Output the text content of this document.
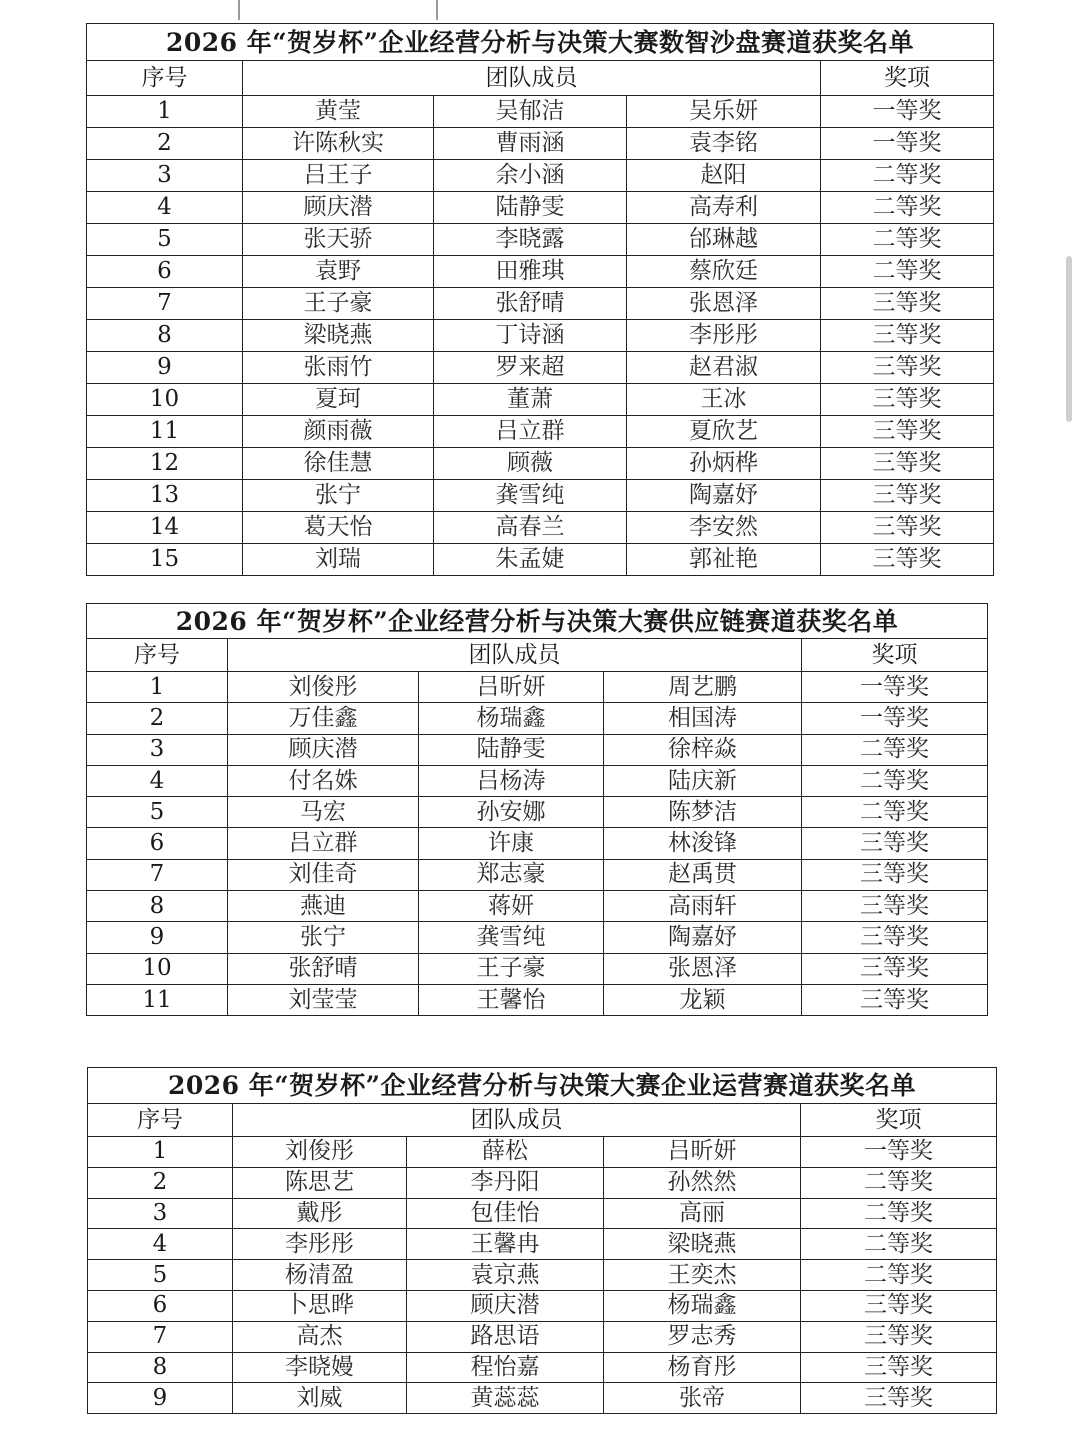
2026 年“贺岁杯”企业经营分析与决策大赛数智沙盘赛道获奖名单				
序号	团队成员			奖项
1	黄莹	吴郁洁	吴乐妍	一等奖
2	许陈秋实	曹雨涵	袁李铭	一等奖
3	吕王子	余小涵	赵阳	二等奖
4	顾庆潜	陆静雯	高寿利	二等奖
5	张天骄	李晓露	邰琳越	二等奖
6	袁野	田雅琪	蔡欣廷	二等奖
7	王子豪	张舒晴	张恩泽	三等奖
8	梁晓燕	丁诗涵	李彤彤	三等奖
9	张雨竹	罗来超	赵君淑	三等奖
10	夏珂	董萧	王冰	三等奖
11	颜雨薇	吕立群	夏欣艺	三等奖
12	徐佳慧	顾薇	孙炳桦	三等奖
13	张宁	龚雪纯	陶嘉妤	三等奖
14	葛天怡	高春兰	李安然	三等奖
15	刘瑞	朱孟婕	郭祉艳	三等奖
2026 年“贺岁杯”企业经营分析与决策大赛供应链赛道获奖名单				
序号	团队成员			奖项
1	刘俊彤	吕昕妍	周艺鹏	一等奖
2	万佳鑫	杨瑞鑫	相国涛	一等奖
3	顾庆潜	陆静雯	徐梓焱	二等奖
4	付名姝	吕杨涛	陆庆新	二等奖
5	马宏	孙安娜	陈梦洁	二等奖
6	吕立群	许康	林浚锋	三等奖
7	刘佳奇	郑志豪	赵禹贯	三等奖
8	燕迪	蒋妍	高雨轩	三等奖
9	张宁	龚雪纯	陶嘉妤	三等奖
10	张舒晴	王子豪	张恩泽	三等奖
11	刘莹莹	王馨怡	龙颖	三等奖
2026 年“贺岁杯”企业经营分析与决策大赛企业运营赛道获奖名单				
序号	团队成员			奖项
1	刘俊彤	薛松	吕昕妍	一等奖
2	陈思艺	李丹阳	孙然然	二等奖
3	戴彤	包佳怡	高丽	二等奖
4	李彤彤	王馨冉	梁晓燕	二等奖
5	杨清盈	袁京燕	王奕杰	二等奖
6	卜思晔	顾庆潜	杨瑞鑫	三等奖
7	高杰	路思语	罗志秀	三等奖
8	李晓嫚	程怡嘉	杨育彤	三等奖
9	刘威	黄蕊蕊	张帝	三等奖
